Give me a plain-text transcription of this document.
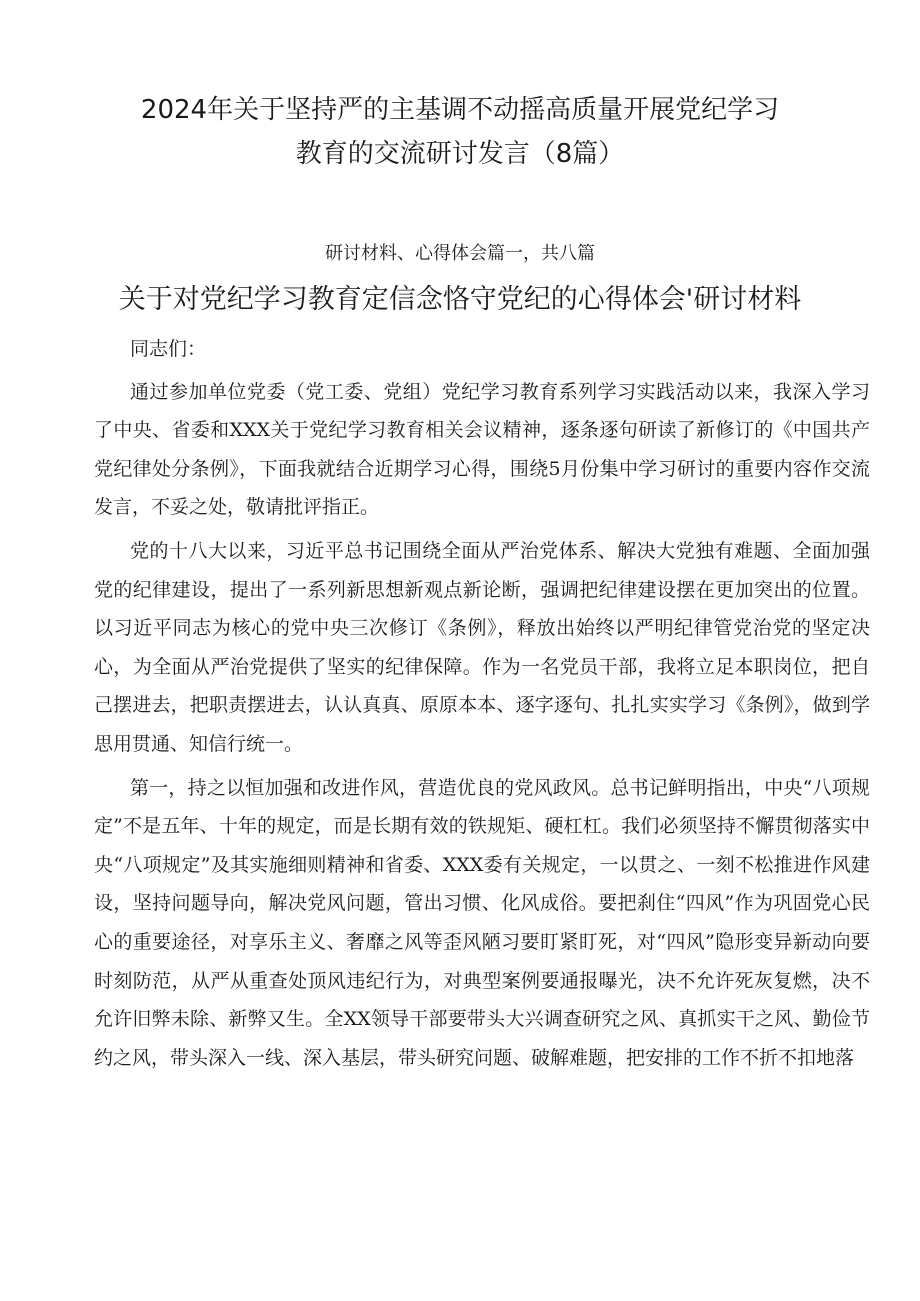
2024年关于坚持严的主基调不动摇高质量开展党纪学习教育的交流研讨发言（8篇）
研讨材料、心得体会篇一，共八篇
关于对党纪学习教育定信念恪守党纪的心得体会'研讨材料

同志们：

通过参加单位党委（党工委、党组）党纪学习教育系列学习实践活动以来，我深入学习了中央、省委和XXX关于党纪学习教育相关会议精神，逐条逐句研读了新修订的《中国共产党纪律处分条例》，下面我就结合近期学习心得，围绕5月份集中学习研讨的重要内容作交流发言，不妥之处，敬请批评指正。

党的十八大以来，习近平总书记围绕全面从严治党体系、解决大党独有难题、全面加强党的纪律建设，提出了一系列新思想新观点新论断，强调把纪律建设摆在更加突出的位置。以习近平同志为核心的党中央三次修订《条例》，释放出始终以严明纪律管党治党的坚定决心，为全面从严治党提供了坚实的纪律保障。作为一名党员干部，我将立足本职岗位，把自己摆进去，把职责摆进去，认认真真、原原本本、逐字逐句、扎扎实实学习《条例》，做到学思用贯通、知信行统一。

第一，持之以恒加强和改进作风，营造优良的党风政风。总书记鲜明指出，中央“八项规定”不是五年、十年的规定，而是长期有效的铁规矩、硬杠杠。我们必须坚持不懈贯彻落实中央“八项规定”及其实施细则精神和省委、XXX委有关规定，一以贯之、一刻不松推进作风建设，坚持问题导向，解决党风问题，管出习惯、化风成俗。要把刹住“四风”作为巩固党心民心的重要途径，对享乐主义、奢靡之风等歪风陋习要盯紧盯死，对“四风”隐形变异新动向要时刻防范，从严从重查处顶风违纪行为，对典型案例要通报曝光，决不允许死灰复燃，决不允许旧弊未除、新弊又生。全XX领导干部要带头大兴调查研究之风、真抓实干之风、勤俭节约之风，带头深入一线、深入基层，带头研究问题、破解难题，把安排的工作不折不扣地落
